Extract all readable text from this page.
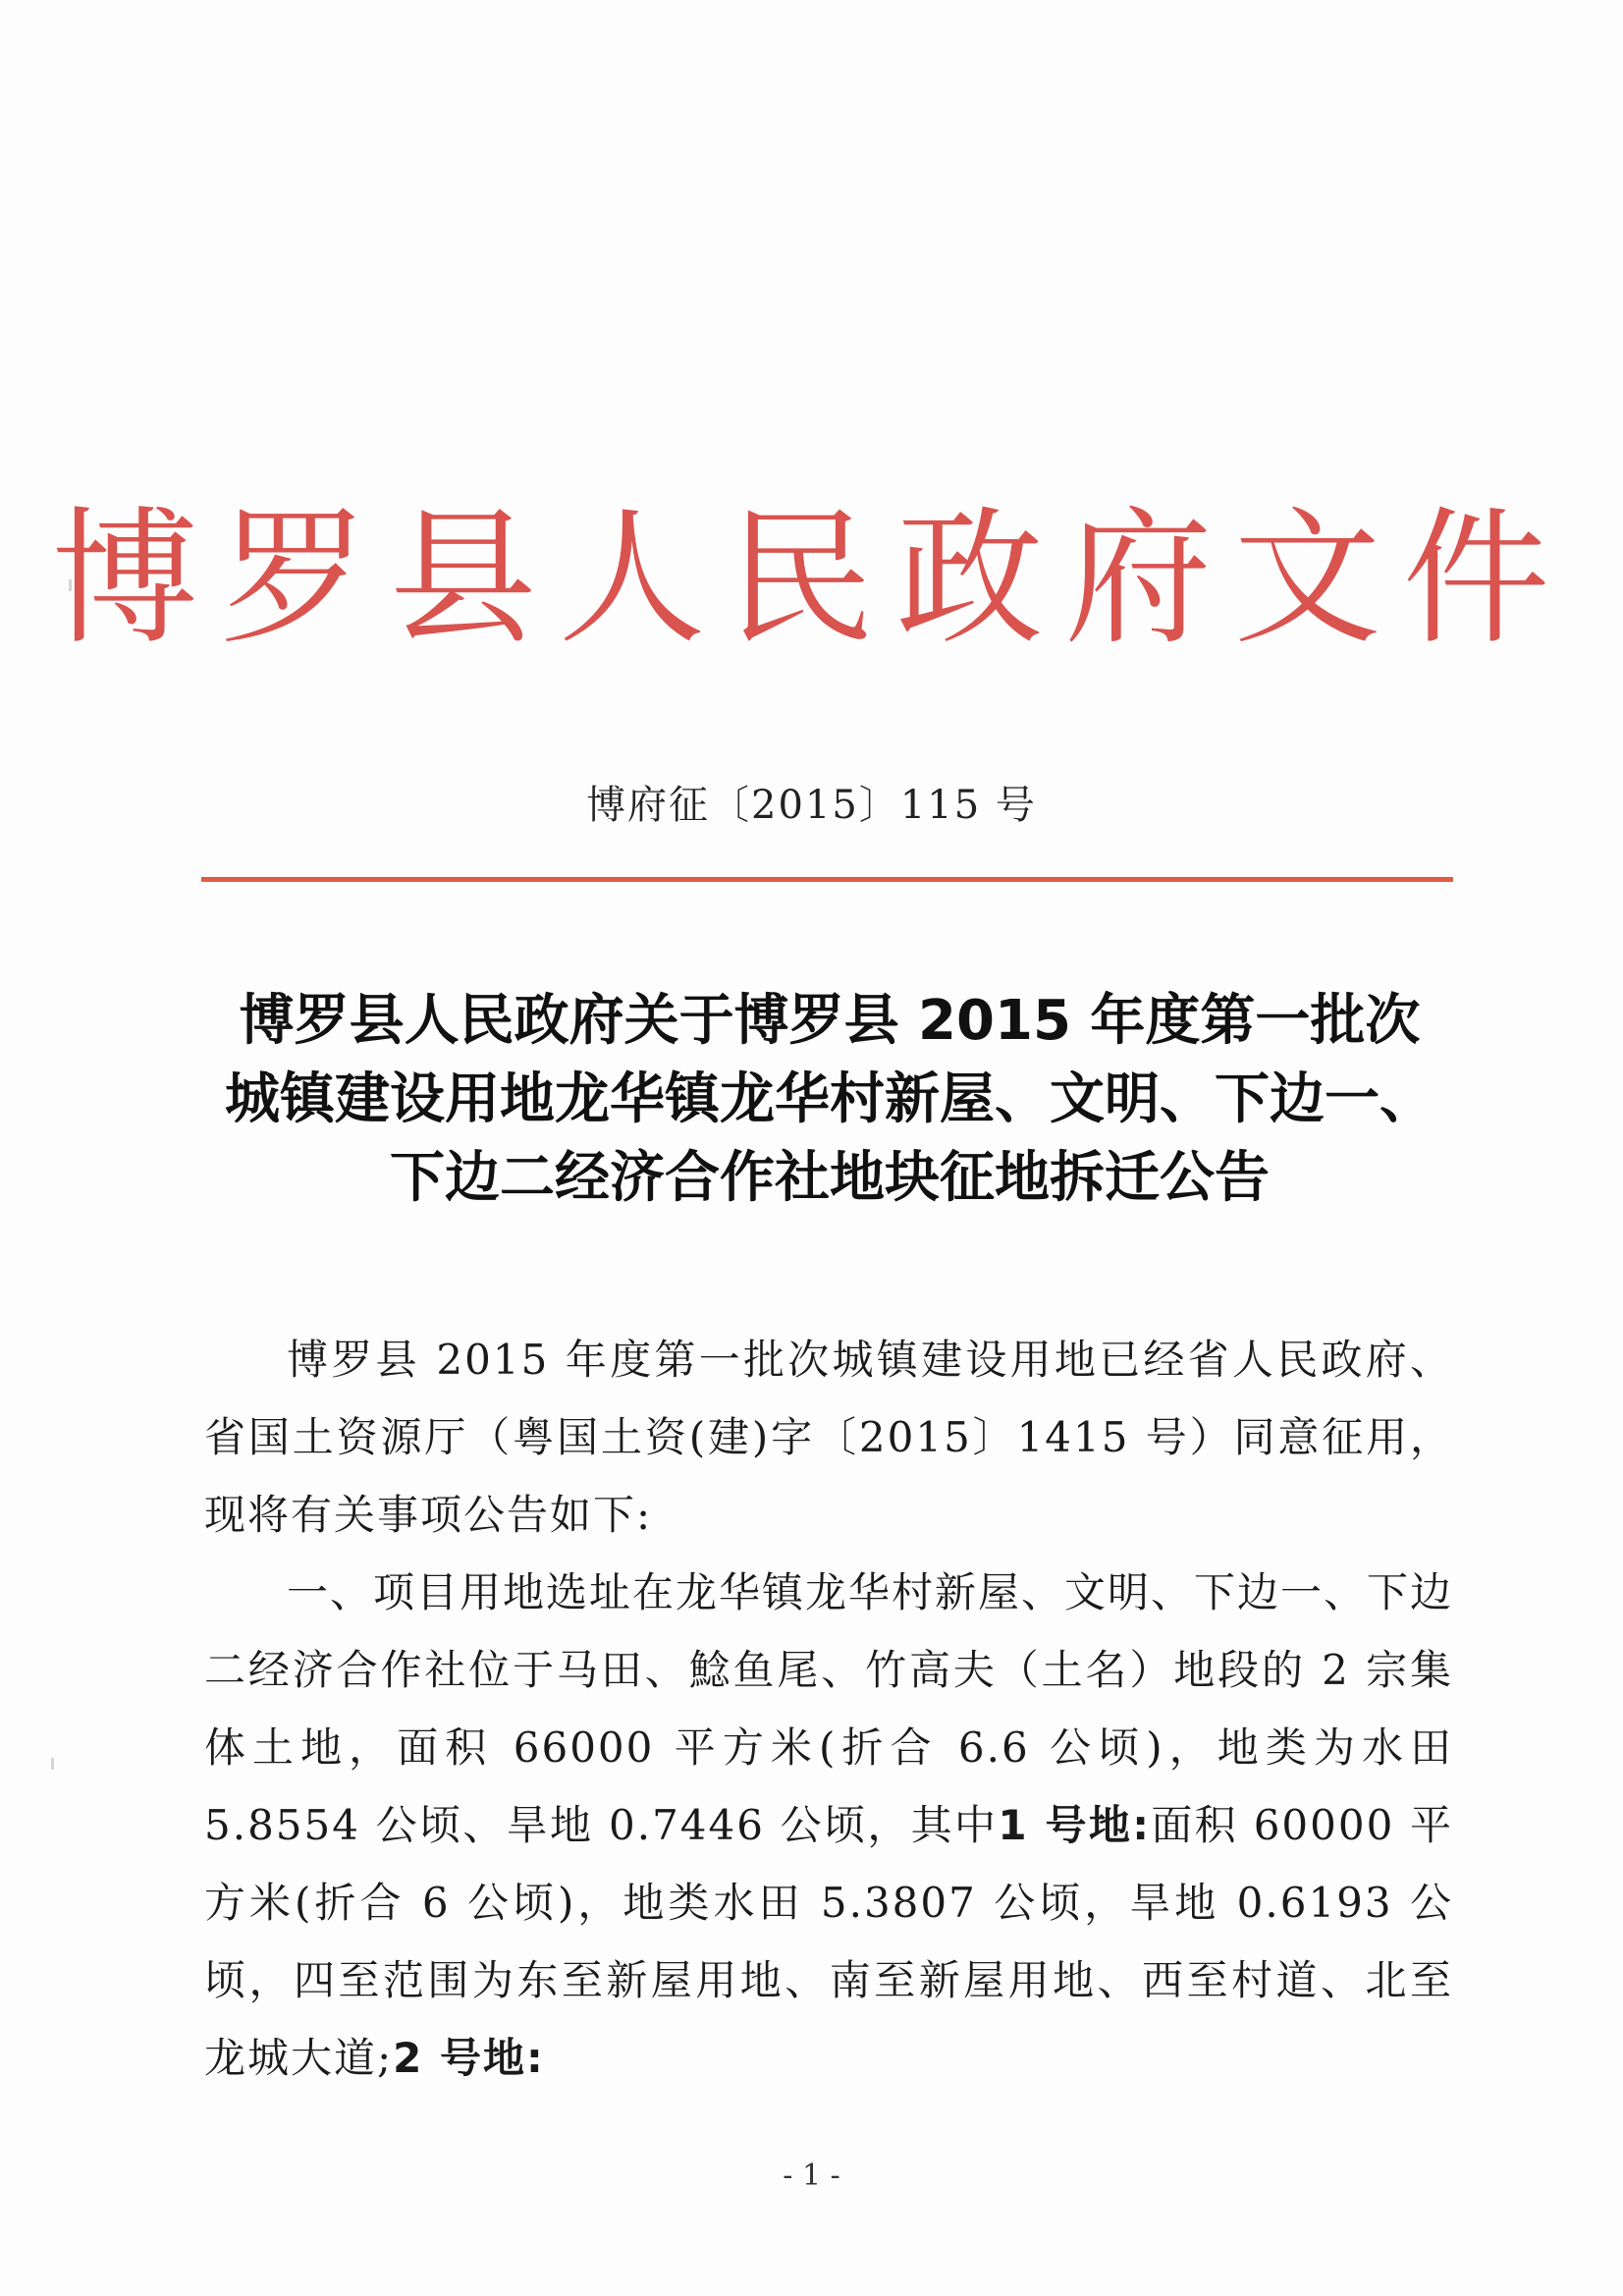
博罗县人民政府文件
博府征〔2015〕115 号
博罗县人民政府关于博罗县 2015 年度第一批次
城镇建设用地龙华镇龙华村新屋、文明、下边一、
下边二经济合作社地块征地拆迁公告

博罗县 2015 年度第一批次城镇建设用地已经省人民政府、省国土资源厅（粤国土资(建)字〔2015〕1415 号）同意征用，现将有关事项公告如下:

一、项目用地选址在龙华镇龙华村新屋、文明、下边一、下边二经济合作社位于马田、鯰鱼尾、竹高夫（土名）地段的 2 宗集体土地，面积 66000 平方米(折合 6.6 公顷)，地类为水田 5.8554 公顷、旱地 0.7446 公顷，其中1 号地:面积 60000 平方米(折合 6 公顷)，地类水田 5.3807 公顷，旱地 0.6193 公顷，四至范围为东至新屋用地、南至新屋用地、西至村道、北至龙城大道;2 号地:

- 1 -
